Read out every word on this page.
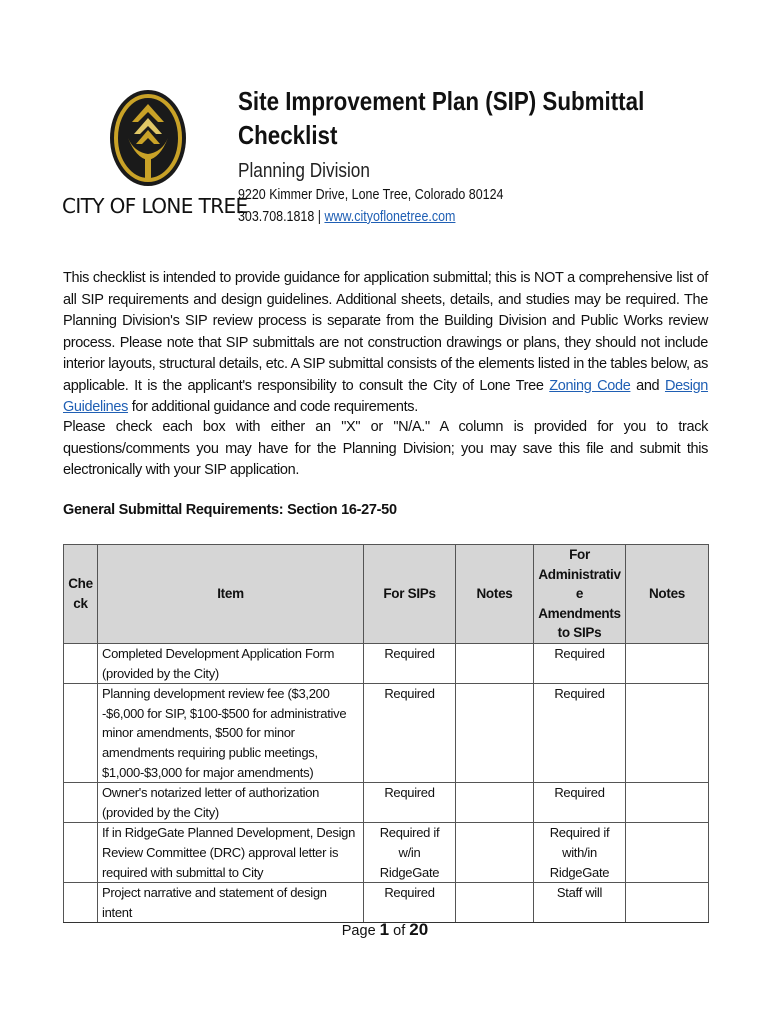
CITY OF LONE TREE
Site Improvement Plan (SIP) Submittal
Checklist
Planning Division
9220 Kimmer Drive, Lone Tree, Colorado 80124
303.708.1818 | www.cityoflonetree.com
This checklist is intended to provide guidance for application submittal; this is NOT a comprehensive list of all SIP requirements and design guidelines. Additional sheets, details, and studies may be required. The Planning Division's SIP review process is separate from the Building Division and Public Works review process. Please note that SIP submittals are not construction drawings or plans, they should not include interior layouts, structural details, etc. A SIP submittal consists of the elements listed in the tables below, as applicable. It is the applicant's responsibility to consult the City of Lone Tree Zoning Code and Design Guidelines for additional guidance and code requirements.
Please check each box with either an "X" or "N/A." A column is provided for you to track questions/comments you may have for the Planning Division; you may save this file and submit this electronically with your SIP application.
General Submittal Requirements: Section 16-27-50
Che ck	Item	For SIPs	Notes	For Administrativ e Amendments to SIPs	Notes
	Completed Development Application Form (provided by the City)	Required		Required	
	Planning development review fee ($3,200 -$6,000 for SIP, $100-$500 for administrative minor amendments, $500 for minor amendments requiring public meetings, $1,000-$3,000 for major amendments)	Required		Required	
	Owner's notarized letter of authorization (provided by the City)	Required		Required	
	If in RidgeGate Planned Development, Design Review Committee (DRC) approval letter is required with submittal to City	Required if w/in RidgeGate		Required if with/in RidgeGate	
	Project narrative and statement of design intent	Required		Staff will	
Page 1 of 20
